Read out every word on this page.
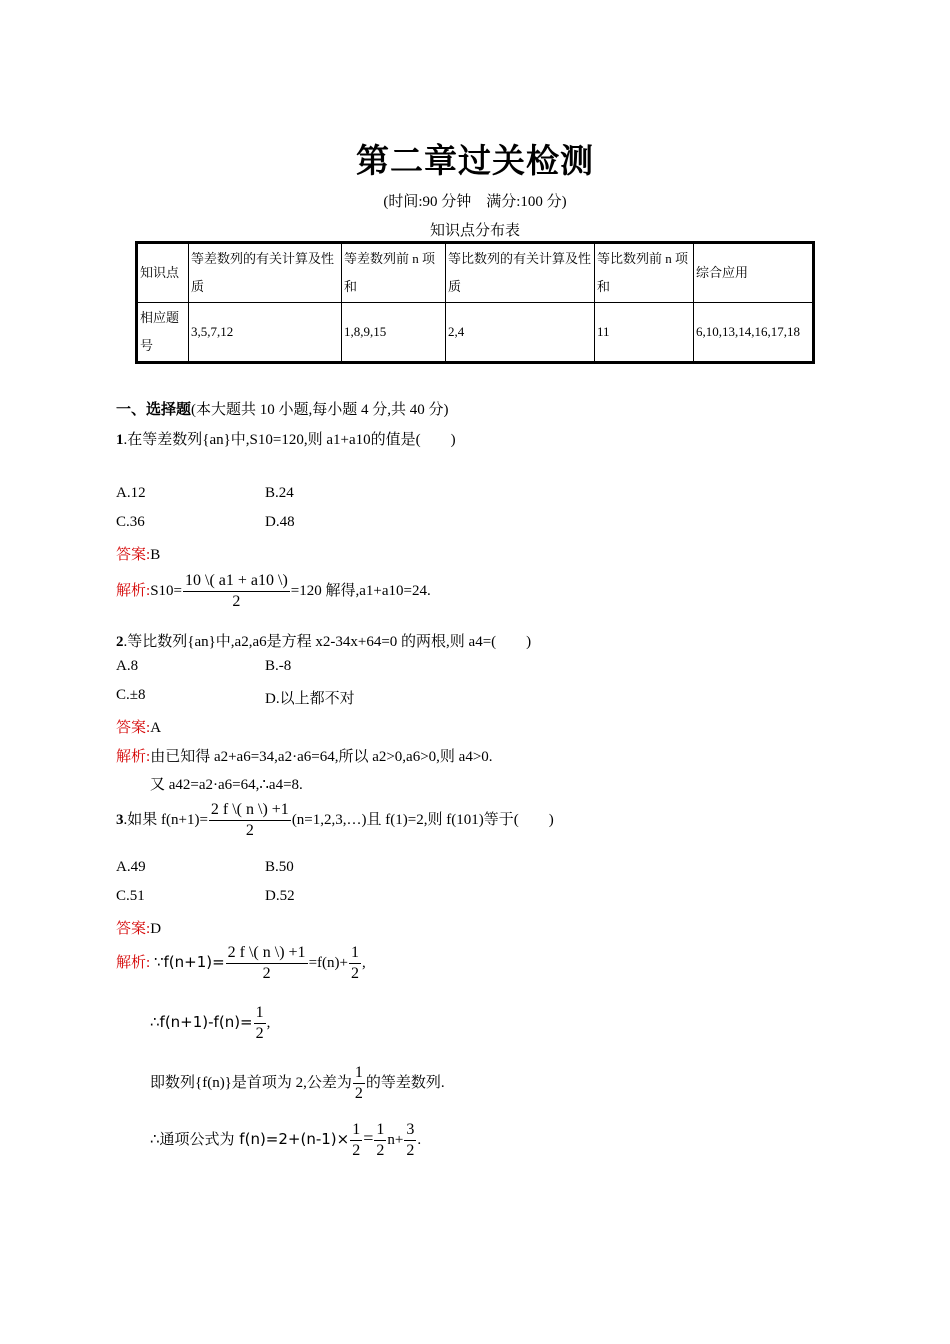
第二章过关检测
(时间:90 分钟　满分:100 分)
知识点分布表
知识点	等差数列的有关计算及性质	等差数列前 n 项和	等比数列的有关计算及性质	等比数列前 n 项和	综合应用
相应题号	3,5,7,12	1,8,9,15	2,4	11	6,10,13,14,16,17,18
一、选择题(本大题共 10 小题,每小题 4 分,共 40 分)
1.在等差数列{an}中,S10=120,则 a1+a10的值是(　　)
A.12	B.24
C.36	D.48
答案:B
解析:S10= $\frac{10 \backslash( a1 + a10 \backslash)}{2} =120$ 解得,a1+a10=24.
2.等比数列{an}中,a2,a6是方程 x2-34x+64=0 的两根,则 a4=(　　)
A.8	B.-8
C.±8	D.以上都不对
答案:A
解析:由已知得 a2+a6=34,a2·a6=64,所以 a2>0,a6>0,则 a4>0.
又 a42=a2·a6=64,∴a4=8.
3.如果 $f(n+1)= \frac{2 f \backslash( n \backslash) +1}{2}$ (n=1,2,3,…)且 f(1)=2,则 f(101)等于(　　)
A.49	B.50
C.51	D.52
答案:D
解析: ∵f(n+1)= $\frac{2 f \backslash( n \backslash) +1}{2} =f(n)+ \frac{1}{2}$ ,
∴f(n+1)-f(n)= $\frac{1}{2}$ ,
即数列{f(n)}是首项为 2,公差为 $\frac{1}{2}$ 的等差数列.
∴通项公式为 $f(n)=2+(n-1)\times \frac{1}{2} = \frac{1}{2} n+ \frac{3}{2}$ .
